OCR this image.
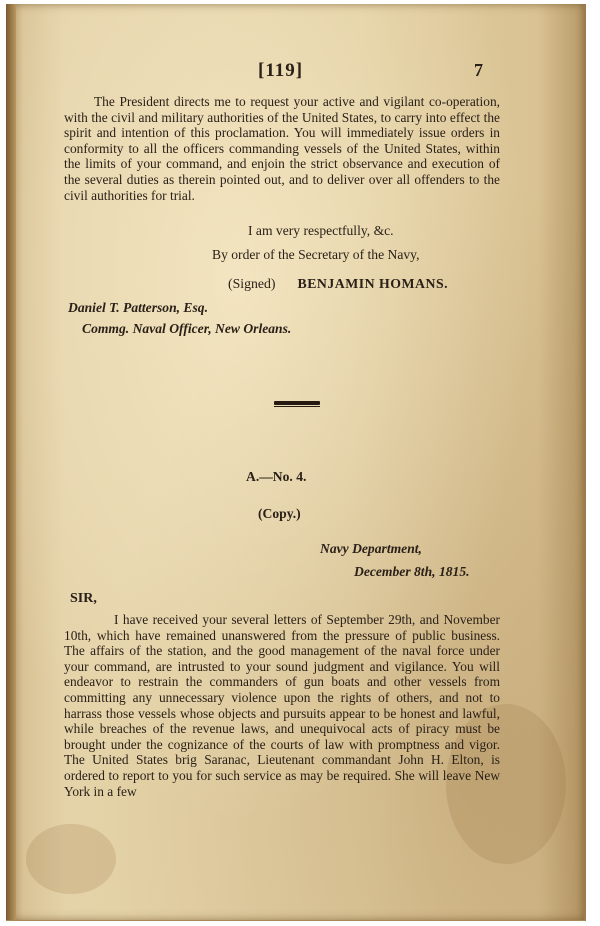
[119]	7
The President directs me to request your active and vigilant co-operation, with the civil and military authorities of the United States, to carry into effect the spirit and intention of this proclamation. You will immediately issue orders in conformity to all the officers commanding vessels of the United States, within the limits of your command, and enjoin the strict observance and execution of the several duties as therein pointed out, and to deliver over all offenders to the civil authorities for trial.
I am very respectfully, &c.
By order of the Secretary of the Navy,
(Signed) BENJAMIN HOMANS.
Daniel T. Patterson, Esq.
Commg. Naval Officer, New Orleans.
A.—No. 4.
(Copy.)
Navy Department,
December 8th, 1815.
SIR,
I have received your several letters of September 29th, and November 10th, which have remained unanswered from the pressure of public business. The affairs of the station, and the good management of the naval force under your command, are intrusted to your sound judgment and vigilance. You will endeavor to restrain the commanders of gun boats and other vessels from committing any unnecessary violence upon the rights of others, and not to harrass those vessels whose objects and pursuits appear to be honest and lawful, while breaches of the revenue laws, and unequivocal acts of piracy must be brought under the cognizance of the courts of law with promptness and vigor. The United States brig Saranac, Lieutenant commandant John H. Elton, is ordered to report to you for such service as may be required. She will leave New York in a few
